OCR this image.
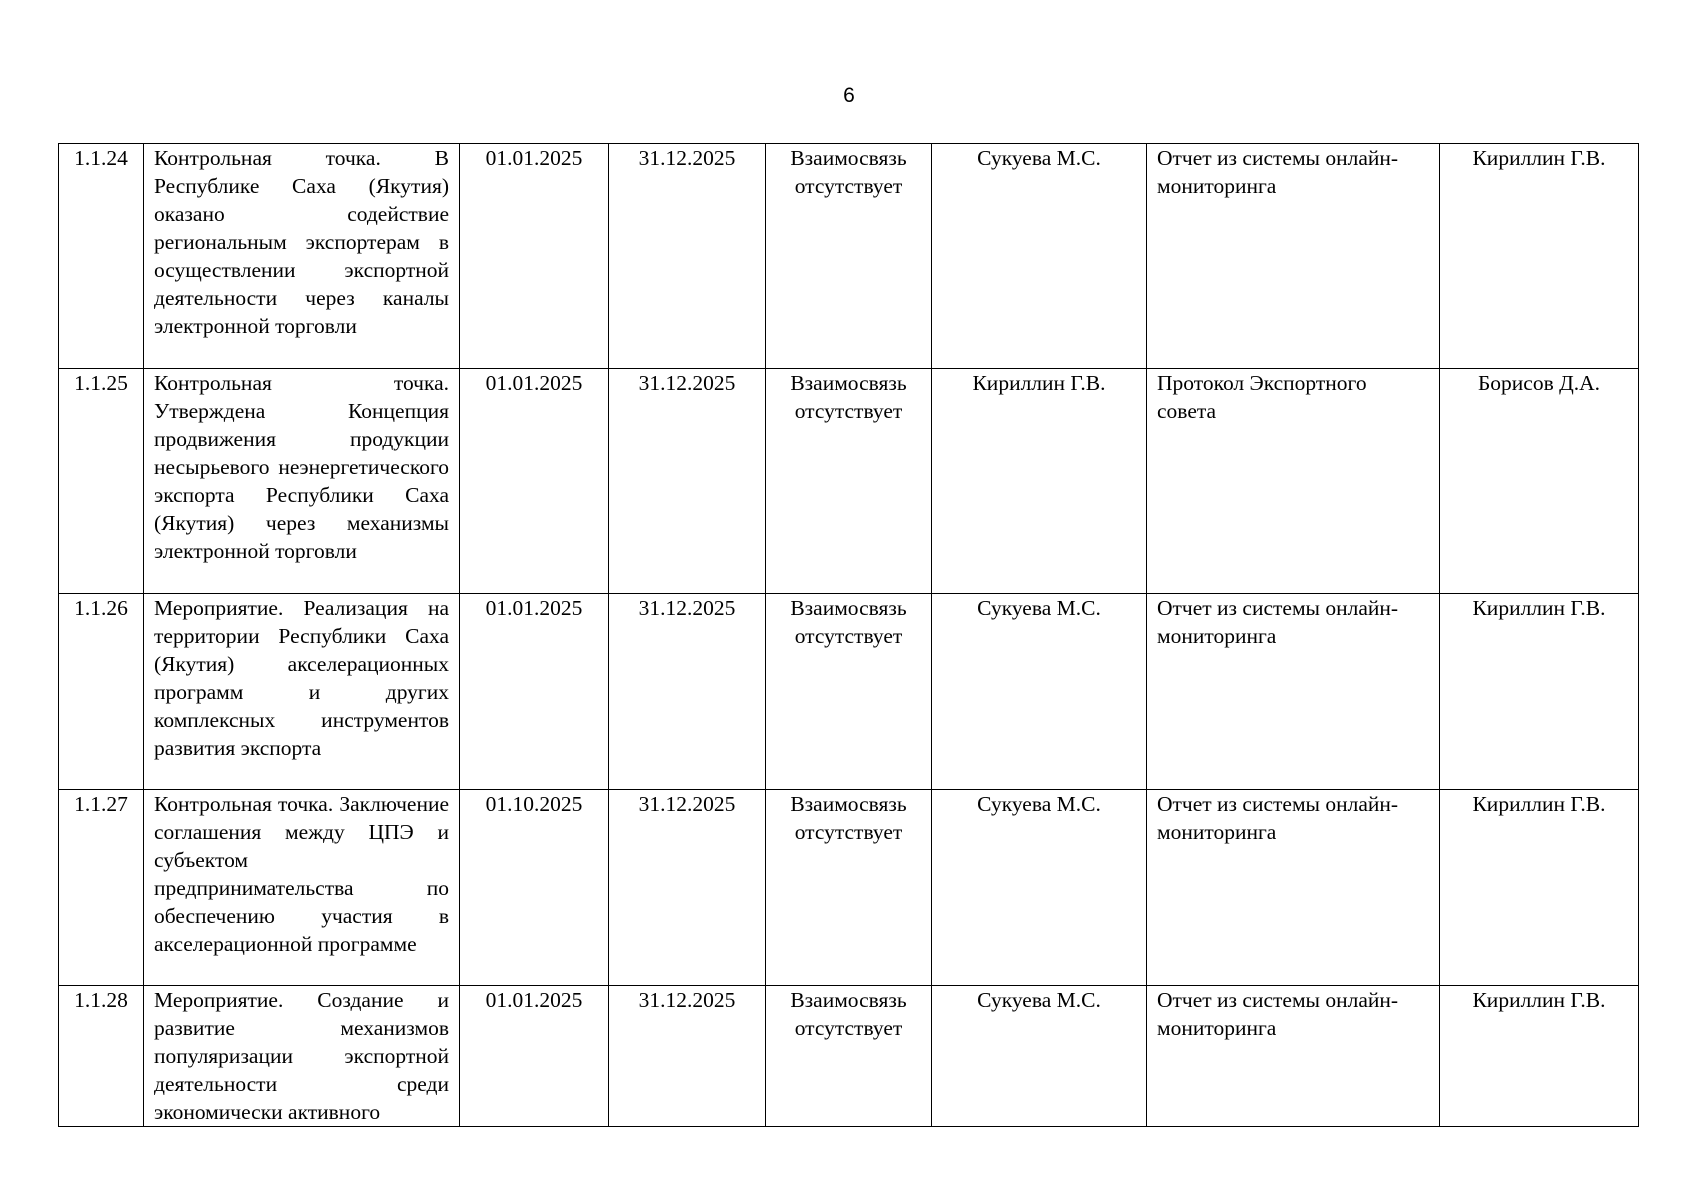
6
1.1.24	Контрольная точка. В Республике Саха (Якутия) оказано содействие региональным экспортерам в осуществлении экспортной деятельности через каналы электронной торговли	01.01.2025	31.12.2025	Взаимосвязь отсутствует	Сукуева М.С.	Отчет из системы онлайн-мониторинга	Кириллин Г.В.
1.1.25	Контрольная точка. Утверждена Концепция продвижения продукции несырьевого неэнергетического экспорта Республики Саха (Якутия) через механизмы электронной торговли	01.01.2025	31.12.2025	Взаимосвязь отсутствует	Кириллин Г.В.	Протокол Экспортного совета	Борисов Д.А.
1.1.26	Мероприятие. Реализация на территории Республики Саха (Якутия) акселерационных программ и других комплексных инструментов развития экспорта	01.01.2025	31.12.2025	Взаимосвязь отсутствует	Сукуева М.С.	Отчет из системы онлайн-мониторинга	Кириллин Г.В.
1.1.27	Контрольная точка. Заключение соглашения между ЦПЭ и субъектом предпринимательства по обеспечению участия в акселерационной программе	01.10.2025	31.12.2025	Взаимосвязь отсутствует	Сукуева М.С.	Отчет из системы онлайн-мониторинга	Кириллин Г.В.
1.1.28	Мероприятие. Создание и развитие механизмов популяризации экспортной деятельности среди экономически активного	01.01.2025	31.12.2025	Взаимосвязь отсутствует	Сукуева М.С.	Отчет из системы онлайн-мониторинга	Кириллин Г.В.
